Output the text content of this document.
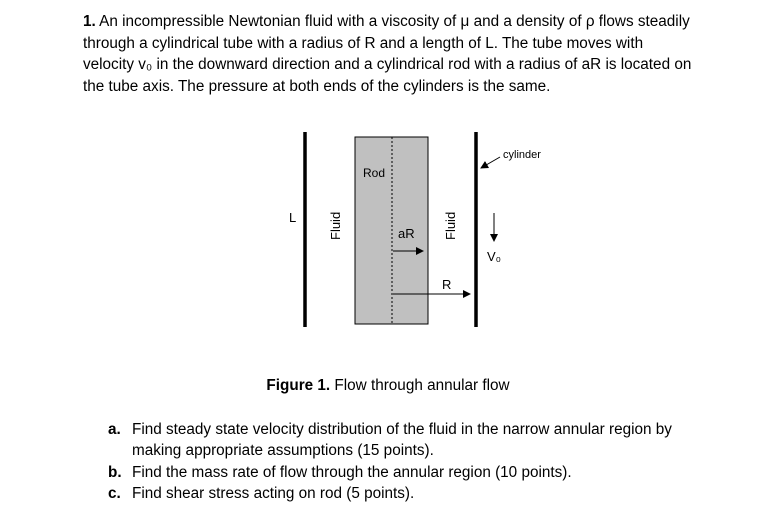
1. An incompressible Newtonian fluid with a viscosity of μ and a density of ρ flows steadily through a cylindrical tube with a radius of R and a length of L. The tube moves with velocity v₀ in the downward direction and a cylindrical rod with a radius of aR is located on the tube axis. The pressure at both ends of the cylinders is the same.
L Fluid
Rod
aR Fluid
R
cylinder
V₀
Figure 1. Flow through annular flow
a. Find steady state velocity distribution of the fluid in the narrow annular region by making appropriate assumptions (15 points).
b. Find the mass rate of flow through the annular region (10 points).
c. Find shear stress acting on rod (5 points).
